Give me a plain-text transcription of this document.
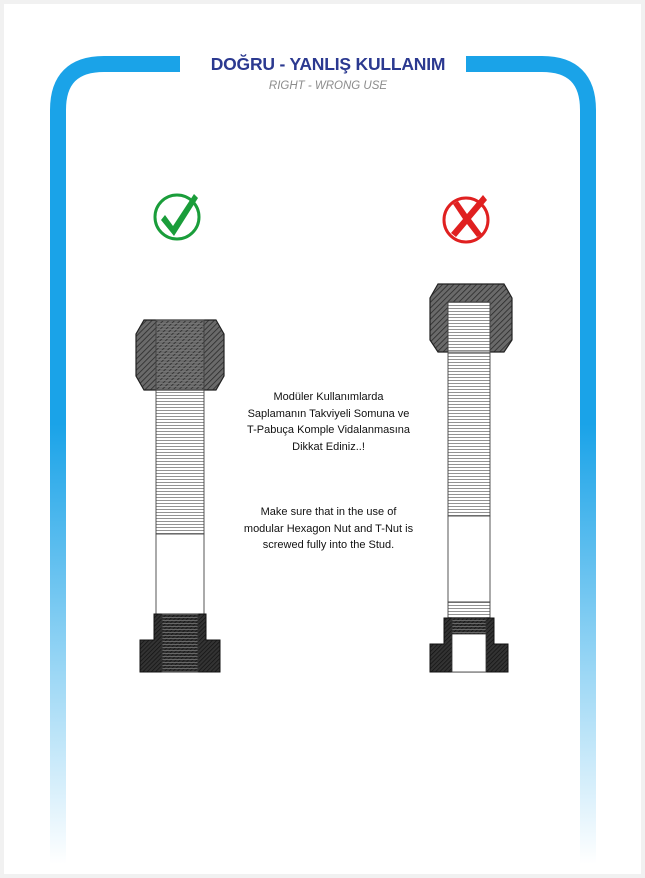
DOĞRU - YANLIŞ KULLANIM
RIGHT - WRONG USE
Modüler Kullanımlarda
Saplamanın Takviyeli Somuna ve
T-Pabuça Komple Vidalanmasına
Dikkat Ediniz..!
Make sure that in the use of
modular Hexagon Nut and T-Nut is
screwed fully into the Stud.
